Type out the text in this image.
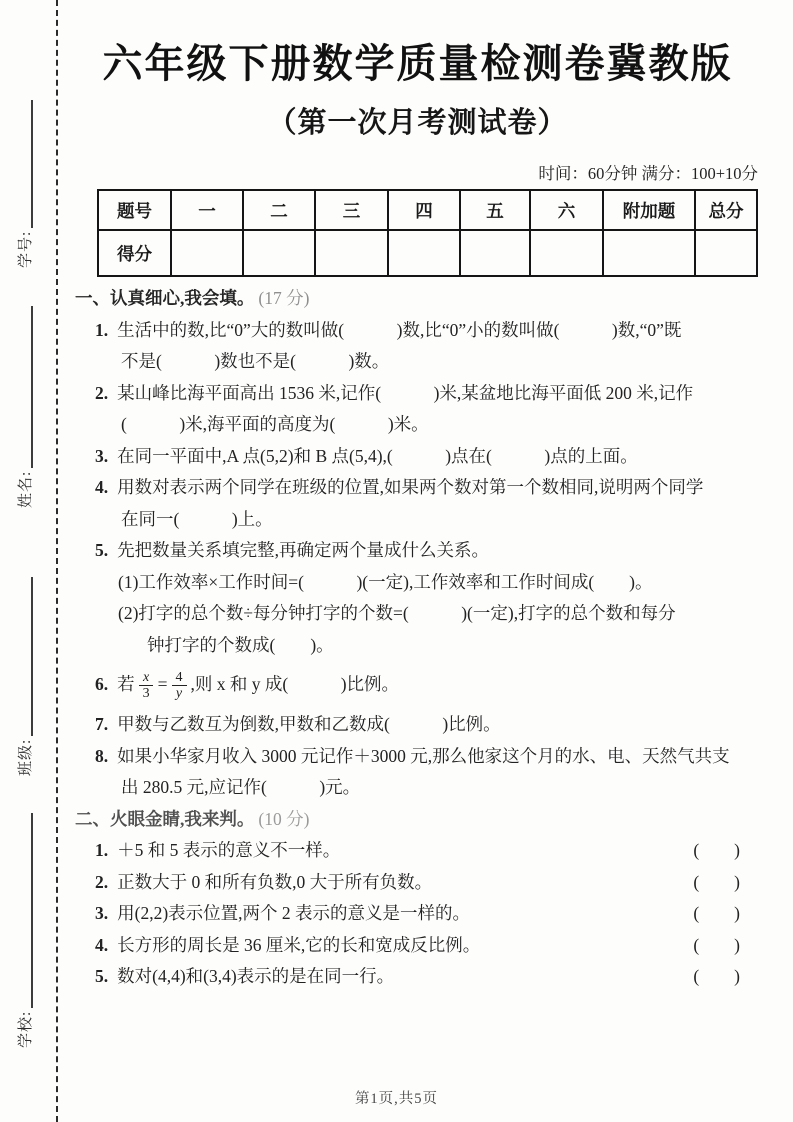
学号:
姓名:
班级:
学校:
六年级下册数学质量检测卷冀教版
（第一次月考测试卷）
时间：60分钟 满分：100+10分
题号	一	二	三	四	五	六	附加题	总分
得分								
一、认真细心,我会填。 (17 分)
1. 生活中的数,比“0”大的数叫做(　　　)数,比“0”小的数叫做(　　　)数,“0”既
不是(　　　)数也不是(　　　)数。
2. 某山峰比海平面高出 1536 米,记作(　　　)米,某盆地比海平面低 200 米,记作
(　　　)米,海平面的高度为(　　　)米。
3. 在同一平面中,A 点(5,2)和 B 点(5,4),(　　　)点在(　　　)点的上面。
4. 用数对表示两个同学在班级的位置,如果两个数对第一个数相同,说明两个同学
在同一(　　　)上。
5. 先把数量关系填完整,再确定两个量成什么关系。
(1)工作效率×工作时间=(　　　)(一定),工作效率和工作时间成(　　)。
(2)打字的总个数÷每分钟打字的个数=(　　　)(一定),打字的总个数和每分
钟打字的个数成(　　)。
6. 若 $\frac{x}{3} = \frac{4}{y}$ ,则 x 和 y 成(　　　)比例。
7. 甲数与乙数互为倒数,甲数和乙数成(　　　)比例。
8. 如果小华家月收入 3000 元记作＋3000 元,那么他家这个月的水、电、天然气共支
出 280.5 元,应记作(　　　)元。
二、火眼金睛,我来判。 (10 分)
1. ＋5 和 5 表示的意义不一样。	(　　)
2. 正数大于 0 和所有负数,0 大于所有负数。	(　　)
3. 用(2,2)表示位置,两个 2 表示的意义是一样的。	(　　)
4. 长方形的周长是 36 厘米,它的长和宽成反比例。	(　　)
5. 数对(4,4)和(3,4)表示的是在同一行。	(　　)
第1页,共5页
